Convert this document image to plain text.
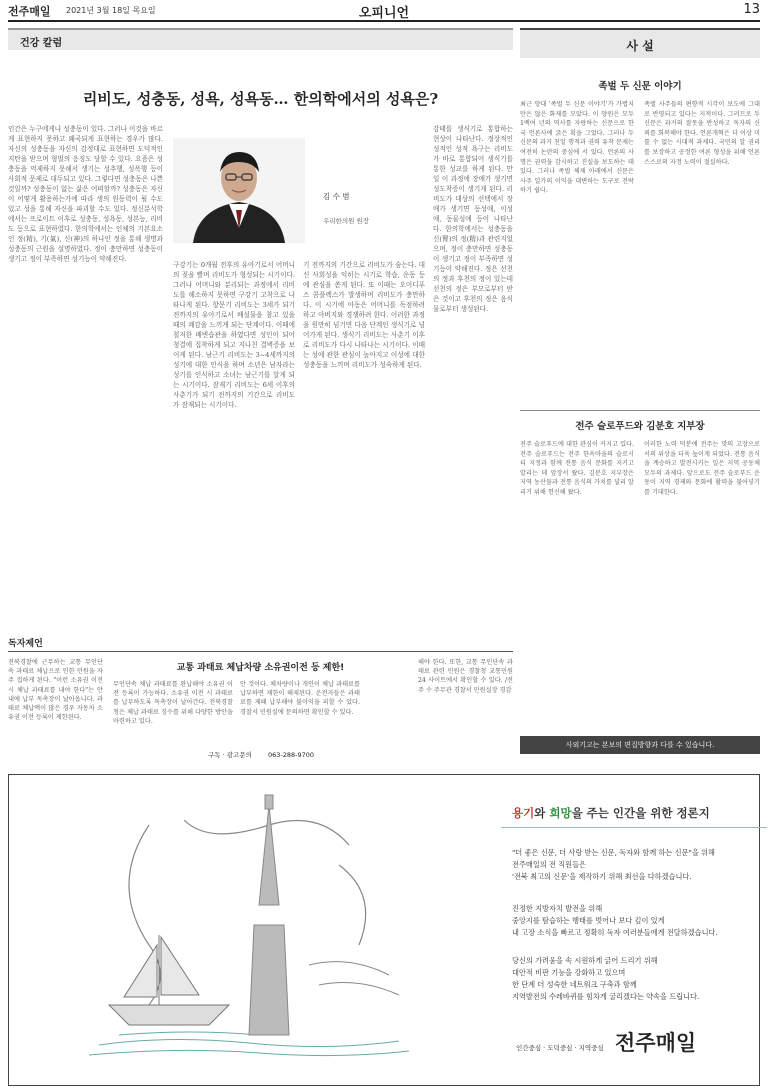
전주매일 2021년 3월 18일 목요일	오피니언	13
건강 칼럼
리비도, 성충동, 성욕, 성욕동… 한의학에서의 성욕은?
김 수 범
우리한의원 원장

인간은 누구에게나 성충동이 있다. 그러나 이것을 바르게 표현하지 못하고 왜곡되게 표현하는 경우가 많다. 자신의 성충동을 자신의 감정대로 표현하면 도덕적인 지탄을 받으며 형벌의 응징도 당할 수 있다. 요즘은 성충동을 억제하지 못해서 생기는 성추행, 성폭행 등이 사회적 문제로 대두되고 있다. 그렇다면 성충동은 나쁜 것일까? 성충동이 없는 삶은 어떠할까? 성충동은 자신이 어떻게 활용하는가에 따라 생의 원동력이 될 수도 있고 성을 통해 자신을 파괴할 수도 있다. 정신분석학에서는 프로이트 이후로 성충동, 성욕동, 성본능, 리비도 등으로 표현하였다. 한의학에서는 인체의 기본요소인 정(精), 기(氣), 신(神)의 하나인 정을 통해 생명과 성충동의 근원을 설명하였다. 정이 충만하면 성충동이 생기고 정이 부족하면 성기능이 약해진다.

구강기는 0개월 전후의 유아기로서 어머니의 젖을 빨며 리비도가 형성되는 시기이다. 그러나 어머니와 분리되는 과정에서 리비도를 해소하지 못하면 구강기 고착으로 나타나게 된다. 항문기 리비도는 3세가 되기 전까지의 유아기로서 배설물을 참고 있을 때의 쾌감을 느끼게 되는 단계이다. 이때에 철저한 배변습관을 하였다면 성인이 되어 청결에 집착하게 되고 지나친 결벽증을 보이게 된다. 남근기 리비도는 3~4세까지의 성기에 대한 인식을 하며 소년은 남자라는 성기를 인식하고 소녀는 남근기를 알게 되는 시기이다. 잠재기 리비도는 6세 이후의 사춘기가 되기 전까지의 기간으로 리비도가 잠재되는 시기이다.

기 전까지의 기간으로 리비도가 숨는다. 대신 사회성을 익히는 시기로 학습, 운동 등에 관심을 쏟게 된다. 또 이때는 오이디푸스 콤플렉스가 발생하며 리비도가 충만하다. 이 시기에 아동은 어머니를 독점하려 하고 아버지와 경쟁하려 한다. 이러한 과정을 원만히 넘기면 다음 단계인 생식기로 넘어가게 된다. 생식기 리비도는 사춘기 이후로 리비도가 다시 나타나는 시기이다. 이때는 성에 관한 관심이 높아지고 이성에 대한 성충동을 느끼며 리비도가 성숙하게 된다.

감태를 생식기로 통합하는 현상이 나타난다. 정상적인 성적인 성적 욕구는 리비도가 바로 통합되어 생식기를 통한 성교를 하게 된다. 만일 이 과정에 장애가 생기면 성도착증이 생기게 된다. 리비도가 대상의 선택에서 장애가 생기면 동성애, 이성애, 동물성애 등이 나타난다. 한의학에서는 성충동을 신(腎)의 정(精)과 관련지었으며, 정이 충만하면 성충동이 생기고 정이 부족하면 성기능이 약해진다. 정은 선천의 정과 후천의 정이 있는데 선천의 정은 부모로부터 받은 것이고 후천의 정은 음식물로부터 생성된다.

사 설
족벌 두 신문 이야기

최근 양대 '족벌 두 신문 이야기'가 가볍지만은 않은 화제를 모았다. 이 양원은 모두 1백여 년의 역사를 자랑하는 신문으로 한국 언론사에 굵은 획을 그었다. 그러나 두 신문의 과거 친일 행적과 권력 유착 문제는 여전히 논란의 중심에 서 있다. 언론의 사명은 권력을 감시하고 진실을 보도하는 데 있다. 그러나 족벌 체제 아래에서 신문은 사주 일가의 이익을 대변하는 도구로 전락하기 쉽다.

족벌 사주들의 편향적 시각이 보도에 그대로 반영되고 있다는 지적이다. 그러므로 두 신문은 과거의 잘못을 반성하고 독자의 신뢰를 회복해야 한다. 언론개혁은 더 이상 미룰 수 없는 시대적 과제다. 국민의 알 권리를 보장하고 공정한 여론 형성을 위해 언론 스스로의 자정 노력이 절실하다.

전주 슬로푸드와 김분호 지부장

전주 슬로푸드에 대한 관심이 커지고 있다. 전주 슬로푸드는 전주 한옥마을의 슬로시티 지정과 함께 전통 음식 문화를 지키고 알리는 데 앞장서 왔다. 김분호 지부장은 지역 농산물과 전통 음식의 가치를 널리 알리기 위해 헌신해 왔다.

이러한 노력 덕분에 전주는 맛의 고장으로서의 위상을 더욱 높이게 되었다. 전통 음식을 계승하고 발전시키는 일은 지역 공동체 모두의 과제다. 앞으로도 전주 슬로푸드 운동이 지역 경제와 문화에 활력을 불어넣기를 기대한다.

독자제언
교통 과태료 체납차량 소유권이전 등 제한!

전북경찰에 근무하는 교통 무인단속 과태료 체납으로 인한 민원을 자주 접하게 된다. "이런 소유권 이전 시 체납 과태료를 내야 한다"는 안내에 납부 독촉장이 날아옵니다. 과태료 체납액이 많은 경우 자동차 소유권 이전 등록이 제한된다.

무인단속 체납 과태료를 완납해야 소유권 이전 등록이 가능하다. 소유권 이전 시 과태료를 납부하도록 독촉장이 날아간다. 전북경찰청은 체납 과태료 징수를 위해 다양한 방안을 마련하고 있다.

안 것이다. 체차량이나 개인이 체납 과태료를 납부하면 제한이 해제된다. 운전자들은 과태료를 제때 납부해야 불이익을 피할 수 있다. 경찰서 민원실에 문의하면 확인할 수 있다.

해야 한다. 또한, 교통 무인단속 과태료 관련 민원은 경찰청 교통민원24 사이트에서 확인할 수 있다. /전주 수 주무관 경찰서 민원실장 경감

구독 · 광고문의 063-288-9700
사외기고는 본보의 편집방향과 다를 수 있습니다.
용기와 희망을 주는 인간을 위한 정론지

"더 좋은 신문, 더 사랑 받는 신문, 독자와 함께 하는 신문"을 위해
전주매일의 전 직원들은
'전북 최고의 신문'을 제작하기 위해 최선을 다하겠습니다.

진정한 지방자치 발전을 위해
중앙지를 탐습하는 행태를 벗어나 보다 깊이 있게
내 고장 소식을 빠르고 정확히 독자 여러분들에게 전달하겠습니다.

당신의 가려움을 속 시원하게 긁어 드리기 위해
대안적 비판 기능을 강화하고 있으며
한 단계 더 성숙한 네트워크 구축과 함께
지역발전의 수레바퀴를 힘차게 굴리겠다는 약속을 드립니다.

인간중심 · 도덕중심 · 지역중심 전주매일
